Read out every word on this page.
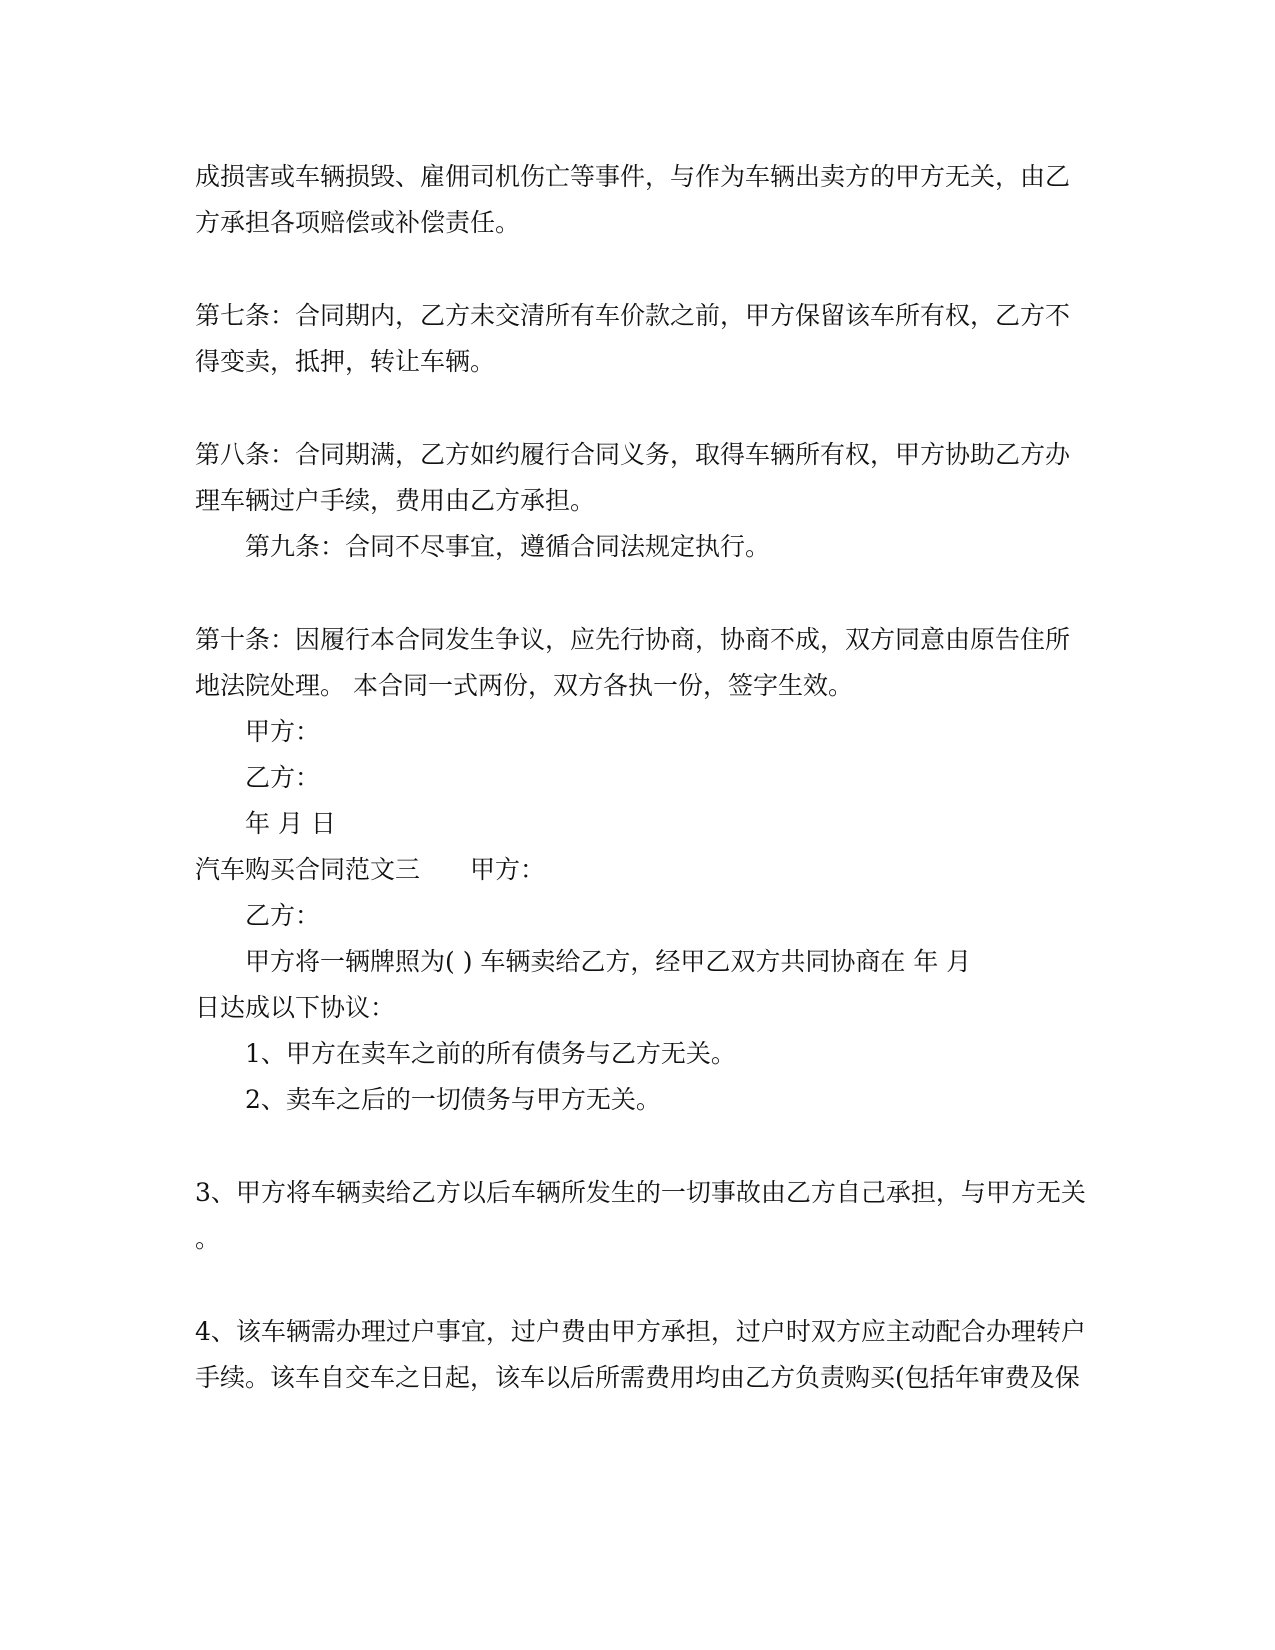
成损害或车辆损毁、雇佣司机伤亡等事件，与作为车辆出卖方的甲方无关，由乙
方承担各项赔偿或补偿责任。
第七条：合同期内，乙方未交清所有车价款之前，甲方保留该车所有权，乙方不
得变卖，抵押，转让车辆。
第八条：合同期满，乙方如约履行合同义务，取得车辆所有权，甲方协助乙方办
理车辆过户手续，费用由乙方承担。
第九条：合同不尽事宜，遵循合同法规定执行。
第十条：因履行本合同发生争议，应先行协商，协商不成，双方同意由原告住所
地法院处理。 本合同一式两份，双方各执一份，签字生效。
甲方：
乙方：
年 月 日
汽车购买合同范文三 甲方：
乙方：
甲方将一辆牌照为( ) 车辆卖给乙方，经甲乙双方共同协商在 年 月
日达成以下协议：
1、甲方在卖车之前的所有债务与乙方无关。
2、卖车之后的一切债务与甲方无关。
3、甲方将车辆卖给乙方以后车辆所发生的一切事故由乙方自己承担，与甲方无关
。
4、该车辆需办理过户事宜，过户费由甲方承担，过户时双方应主动配合办理转户
手续。该车自交车之日起，该车以后所需费用均由乙方负责购买(包括年审费及保
